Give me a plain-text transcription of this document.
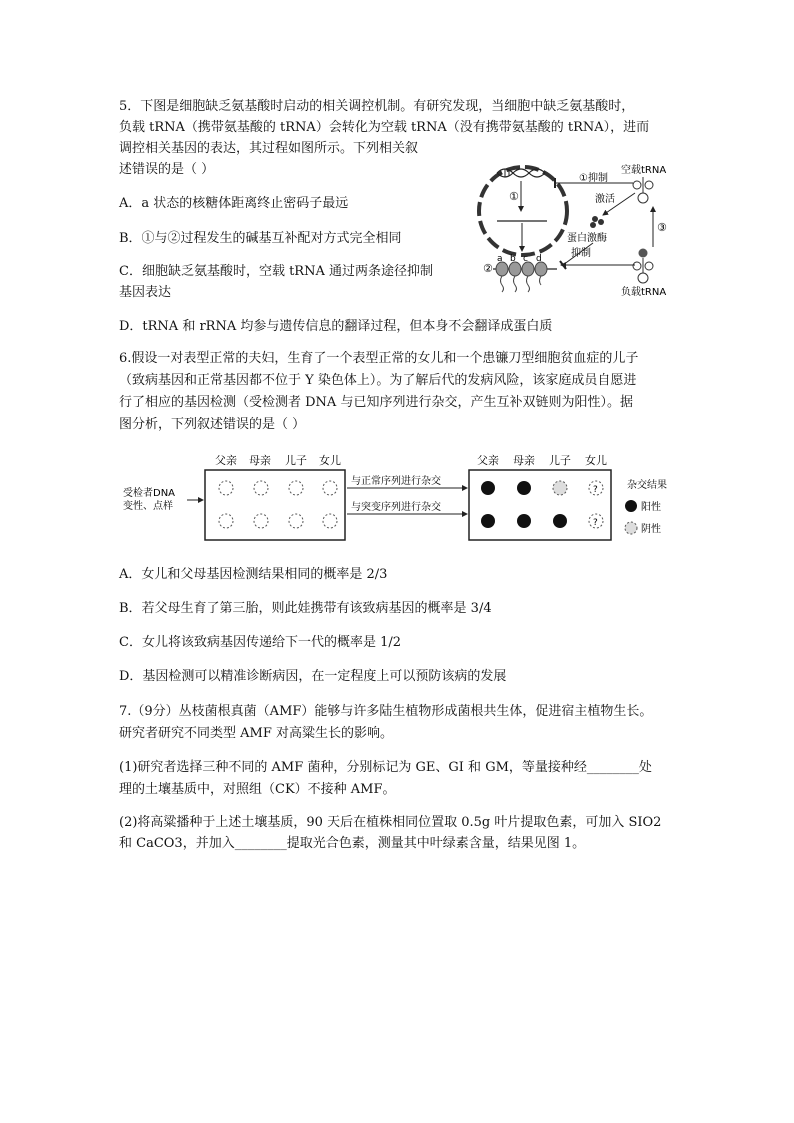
5．下图是细胞缺乏氨基酸时启动的相关调控机制。有研究发现，当细胞中缺乏氨基酸时，
负载 tRNA（携带氨基酸的 tRNA）会转化为空载 tRNA（没有携带氨基酸的 tRNA），进而
调控相关基因的表达，其过程如图所示。下列相关叙
述错误的是（ ）
A．a 状态的核糖体距离终止密码子最远
B．①与②过程发生的碱基互补配对方式完全相同
C．细胞缺乏氨基酸时，空载 tRNA 通过两条途径抑制
基因表达
D．tRNA 和 rRNA 均参与遗传信息的翻译过程，但本身不会翻译成蛋白质
①
②
a b c d
空载tRNA
负载tRNA
①抑制
激活
蛋白激酶
抑制
③
6.假设一对表型正常的夫妇，生育了一个表型正常的女儿和一个患镰刀型细胞贫血症的儿子
（致病基因和正常基因都不位于 Y 染色体上）。为了解后代的发病风险，该家庭成员自愿进
行了相应的基因检测（受检测者 DNA 与已知序列进行杂交，产生互补双链则为阳性）。据
图分析，下列叙述错误的是（ ）
受检者DNA
变性、点样
父亲 母亲 儿子 女儿
与正常序列进行杂交
与突变序列进行杂交
父亲 母亲 儿子 女儿
?
?
杂交结果
阳性
阴性
A．女儿和父母基因检测结果相同的概率是 2/3
B．若父母生育了第三胎，则此娃携带有该致病基因的概率是 3/4
C．女儿将该致病基因传递给下一代的概率是 1/2
D．基因检测可以精准诊断病因，在一定程度上可以预防该病的发展
7.（9分）丛枝菌根真菌（AMF）能够与许多陆生植物形成菌根共生体，促进宿主植物生长。
研究者研究不同类型 AMF 对高粱生长的影响。
(1)研究者选择三种不同的 AMF 菌种，分别标记为 GE、GI 和 GM，等量接种经________处
理的土壤基质中，对照组（CK）不接种 AMF。
(2)将高粱播种于上述土壤基质，90 天后在植株相同位置取 0.5g 叶片提取色素，可加入 SIO2
和 CaCO3，并加入________提取光合色素，测量其中叶绿素含量，结果见图 1。
